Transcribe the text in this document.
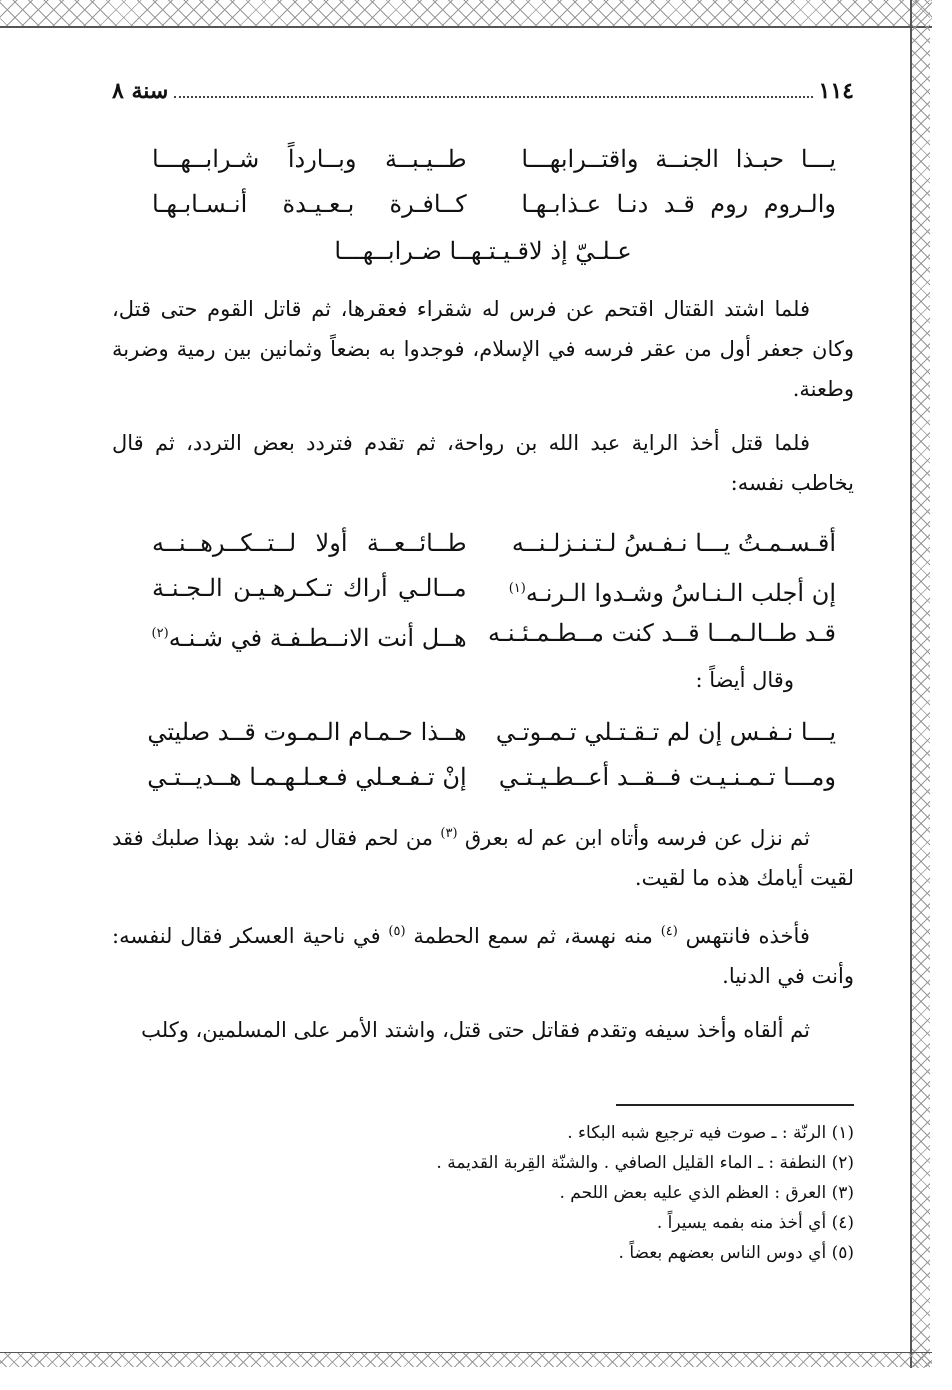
١١٤
سنة ٨
يـــا حبـذا الجنــة واقتــرابهـــا
طــيـبــة وبــارداً شـرابــهـــا
والـروم روم قـد دنـا عـذابـهـا
كــافـرة بـعـيـدة أنـسـابـهـا
عـلـيّ إذ لاقـيـتـهــا ضـرابــهـــا
فلما اشتد القتال اقتحم عن فرس له شقراء فعقرها، ثم قاتل القوم حتى قتل، وكان جعفر أول من عقر فرسه في الإسلام، فوجدوا به بضعاً وثمانين بين رمية وضربة وطعنة.
فلما قتل أخذ الراية عبد الله بن رواحة، ثم تقدم فتردد بعض التردد، ثم قال يخاطب نفسه:
أقـسـمـتُ يـــا نـفـسُ لـتـنـزلـنــه
طــائــعــة أولا لــتــكــرهــنــه
إن أجلب الـنـاسُ وشـدوا الـرنـه$^{(١)}$
مــالـي أراك تـكـرهـيـن الـجـنـة
قـد طــالـمــا قــد كنت مــطـمـئـنـه
هــل أنت الانــطـفـة في شـنـه$^{(٢)}$
وقال أيضاً :
يـــا نـفـس إن لم تـقـتـلي تـمـوتـي
هــذا حـمـام الـمـوت قــد صليتي
ومـــا تـمـنـيـت فــقــد أعــطـيـتـي
إنْ تـفـعـلي فـعـلـهـمـا هــديــتـي
ثم نزل عن فرسه وأتاه ابن عم له بعرق $^{(٣)}$ من لحم فقال له: شد بهذا صلبك فقد لقيت أيامك هذه ما لقيت.
فأخذه فانتهس $^{(٤)}$ منه نهسة، ثم سمع الحطمة $^{(٥)}$ في ناحية العسكر فقال لنفسه: وأنت في الدنيا.
ثم ألقاه وأخذ سيفه وتقدم فقاتل حتى قتل، واشتد الأمر على المسلمين، وكلب
(١) الرنّة : ـ صوت فيه ترجيع شبه البكاء .
(٢) النطفة : ـ الماء القليل الصافي . والشنّة القِربة القديمة .
(٣) العرق : العظم الذي عليه بعض اللحم .
(٤) أي أخذ منه بفمه يسيراً .
(٥) أي دوس الناس بعضهم بعضاً .
